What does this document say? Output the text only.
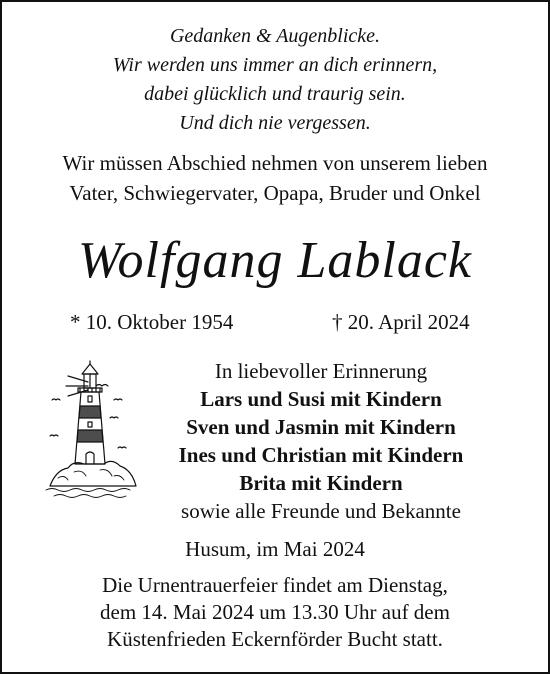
Gedanken & Augenblicke.
Wir werden uns immer an dich erinnern,
dabei glücklich und traurig sein.
Und dich nie vergessen.
Wir müssen Abschied nehmen von unserem lieben
Vater, Schwiegervater, Opapa, Bruder und Onkel
Wolfgang Lablack
* 10. Oktober 1954	† 20. April 2024
In liebevoller Erinnerung
Lars und Susi mit Kindern
Sven und Jasmin mit Kindern
Ines und Christian mit Kindern
Brita mit Kindern
sowie alle Freunde und Bekannte
Husum, im Mai 2024
Die Urnentrauerfeier findet am Dienstag,
dem 14. Mai 2024 um 13.30 Uhr auf dem
Küstenfrieden Eckernförder Bucht statt.
